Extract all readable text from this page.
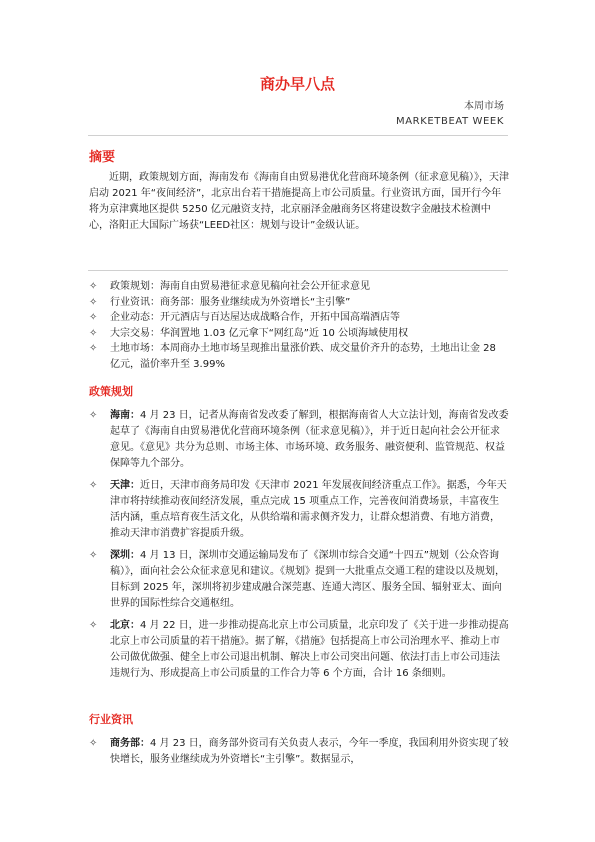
商办早八点
本周市场
MARKETBEAT WEEK
摘要

近期，政策规划方面，海南发布《海南自由贸易港优化营商环境条例（征求意见稿）》，天津启动 2021 年“夜间经济”，北京出台若干措施提高上市公司质量。行业资讯方面，国开行今年将为京津冀地区提供 5250 亿元融资支持，北京丽泽金融商务区将建设数字金融技术检测中心，洛阳正大国际广场获“LEED社区：规划与设计”金级认证。

✧ 政策规划：海南自由贸易港征求意见稿向社会公开征求意见
✧ 行业资讯：商务部：服务业继续成为外资增长“主引擎”
✧ 企业动态：开元酒店与百达屋达成战略合作，开拓中国高端酒店等
✧ 大宗交易：华润置地 1.03 亿元拿下“网红岛”近 10 公顷海域使用权
✧ 土地市场：本周商办土地市场呈现推出量涨价跌、成交量价齐升的态势，土地出让金 28 亿元，溢价率升至 3.99%
政策规划
✧ 海南：4 月 23 日，记者从海南省发改委了解到，根据海南省人大立法计划，海南省发改委起草了《海南自由贸易港优化营商环境条例（征求意见稿）》，并于近日起向社会公开征求意见。《意见》共分为总则、市场主体、市场环境、政务服务、融资便利、监管规范、权益保障等九个部分。
✧ 天津：近日，天津市商务局印发《天津市 2021 年发展夜间经济重点工作》。据悉，今年天津市将持续推动夜间经济发展，重点完成 15 项重点工作，完善夜间消费场景，丰富夜生活内涵，重点培育夜生活文化，从供给端和需求侧齐发力，让群众想消费、有地方消费，推动天津市消费扩容提质升级。
✧ 深圳：4 月 13 日，深圳市交通运输局发布了《深圳市综合交通“十四五”规划（公众咨询稿）》，面向社会公众征求意见和建议。《规划》提到一大批重点交通工程的建设以及规划，目标到 2025 年，深圳将初步建成融合深莞惠、连通大湾区、服务全国、辐射亚太、面向世界的国际性综合交通枢纽。
✧ 北京：4 月 22 日，进一步推动提高北京上市公司质量，北京印发了《关于进一步推动提高北京上市公司质量的若干措施》。据了解，《措施》包括提高上市公司治理水平、推动上市公司做优做强、健全上市公司退出机制、解决上市公司突出问题、依法打击上市公司违法违规行为、形成提高上市公司质量的工作合力等 6 个方面，合计 16 条细则。
行业资讯
✧ 商务部：4 月 23 日，商务部外资司有关负责人表示，今年一季度，我国利用外资实现了较快增长，服务业继续成为外资增长“主引擎”。数据显示，
